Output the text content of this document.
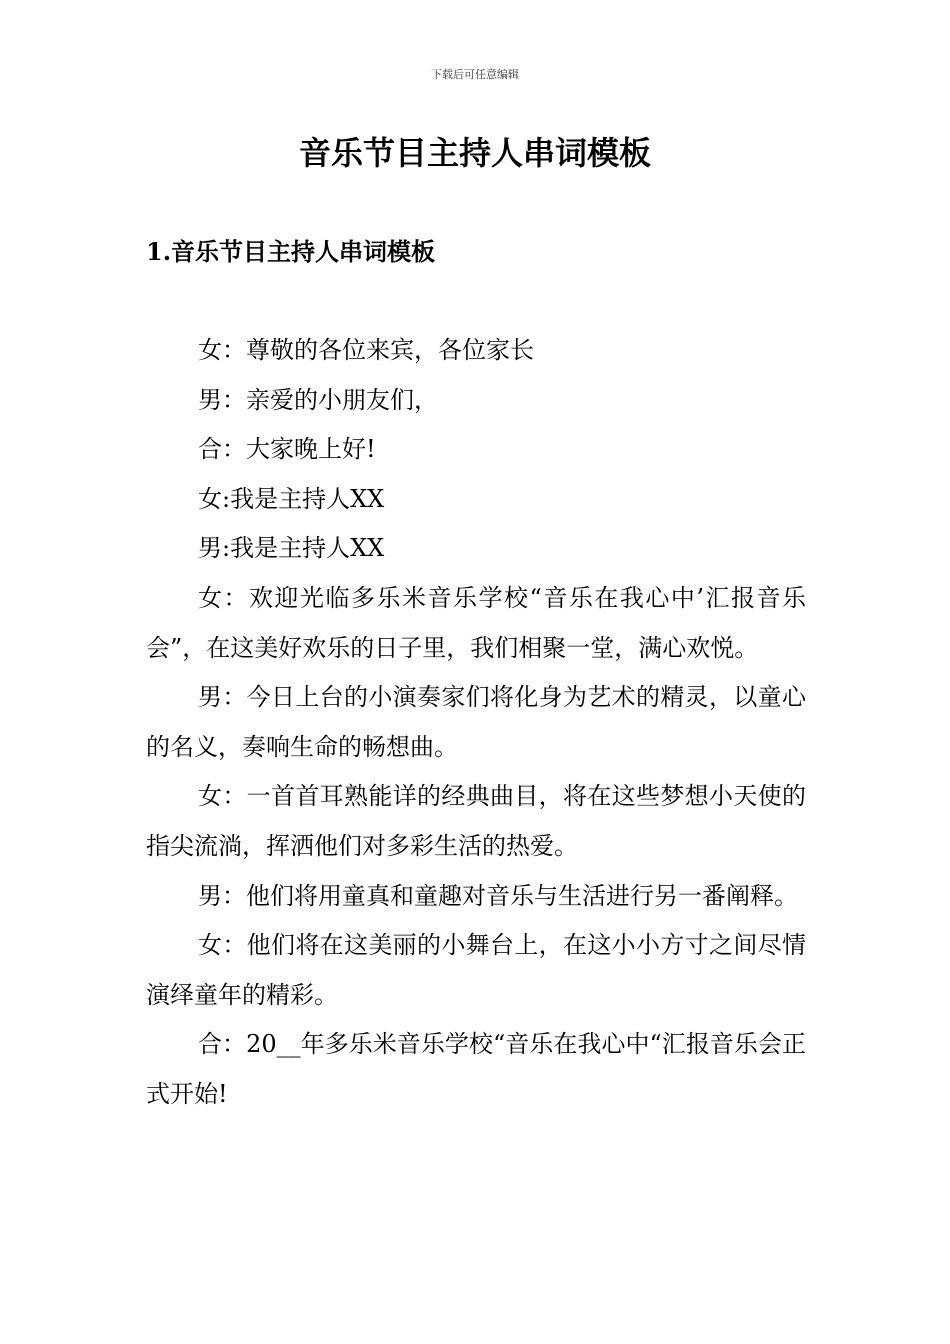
下载后可任意编辑
音乐节目主持人串词模板
1.音乐节目主持人串词模板

女：尊敬的各位来宾，各位家长

男：亲爱的小朋友们，

合：大家晚上好!

女:我是主持人XX

男:我是主持人XX

女：欢迎光临多乐米音乐学校“音乐在我心中’汇报音乐会”，在这美好欢乐的日子里，我们相聚一堂，满心欢悦。

男：今日上台的小演奏家们将化身为艺术的精灵，以童心的名义，奏响生命的畅想曲。

女：一首首耳熟能详的经典曲目，将在这些梦想小天使的指尖流淌，挥洒他们对多彩生活的热爱。

男：他们将用童真和童趣对音乐与生活进行另一番阐释。

女：他们将在这美丽的小舞台上，在这小小方寸之间尽情演绎童年的精彩。

合：20__年多乐米音乐学校“音乐在我心中“汇报音乐会正式开始!
